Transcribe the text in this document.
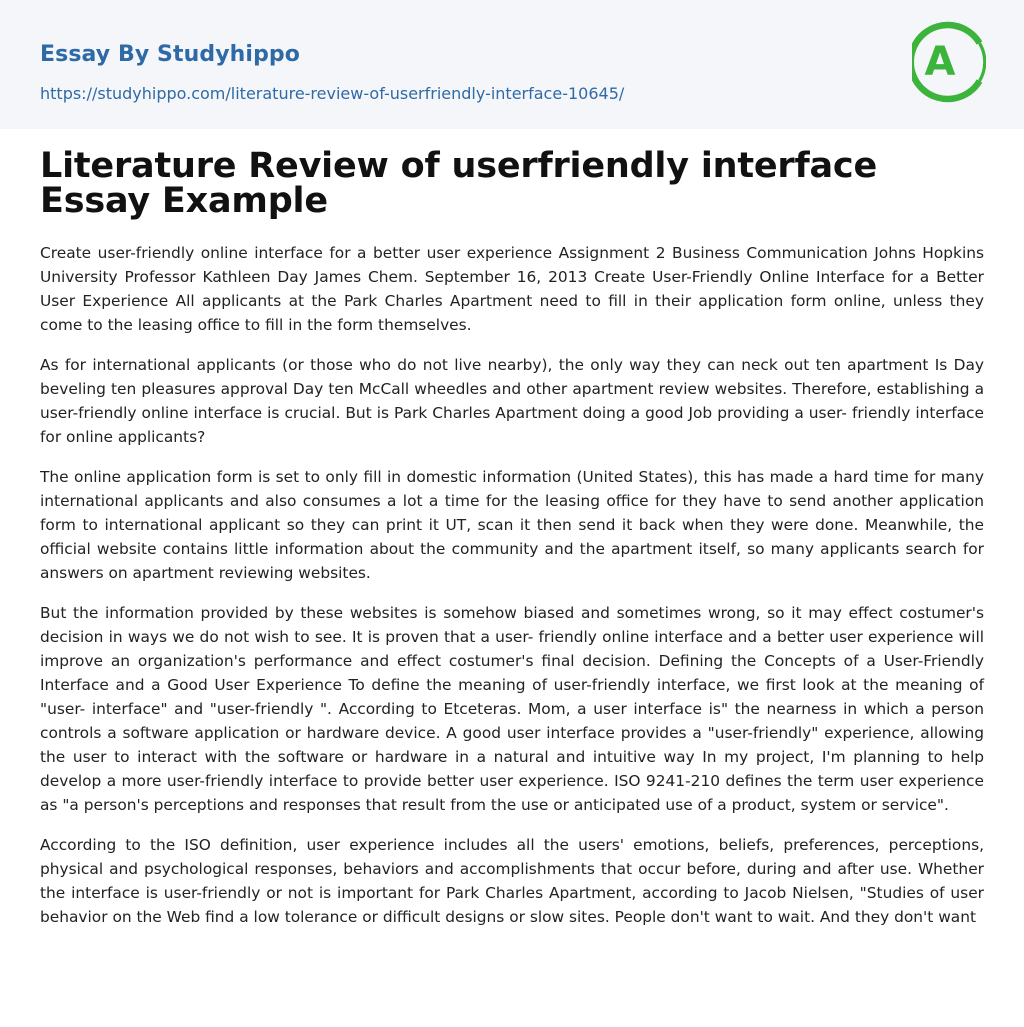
Essay By Studyhippo
https://studyhippo.com/literature-review-of-userfriendly-interface-10645/
A
Literature Review of userfriendly interface Essay Example

Create user-friendly online interface for a better user experience Assignment 2 Business Communication Johns Hopkins University Professor Kathleen Day James Chem. September 16, 2013 Create User-Friendly Online Interface for a Better User Experience All applicants at the Park Charles Apartment need to fill in their application form online, unless they come to the leasing office to fill in the form themselves.

As for international applicants (or those who do not live nearby), the only way they can neck out ten apartment Is Day beveling ten pleasures approval Day ten McCall wheedles and other apartment review websites. Therefore, establishing a user-friendly online interface is crucial. But is Park Charles Apartment doing a good Job providing a user- friendly interface for online applicants?

The online application form is set to only fill in domestic information (United States), this has made a hard time for many international applicants and also consumes a lot a time for the leasing office for they have to send another application form to international applicant so they can print it UT, scan it then send it back when they were done. Meanwhile, the official website contains little information about the community and the apartment itself, so many applicants search for answers on apartment reviewing websites.

But the information provided by these websites is somehow biased and sometimes wrong, so it may effect costumer's decision in ways we do not wish to see. It is proven that a user- friendly online interface and a better user experience will improve an organization's performance and effect costumer's final decision. Defining the Concepts of a User-Friendly Interface and a Good User Experience To define the meaning of user-friendly interface, we first look at the meaning of "user- interface" and "user-friendly ". According to Etceteras. Mom, a user interface is" the nearness in which a person controls a software application or hardware device. A good user interface provides a "user-friendly" experience, allowing the user to interact with the software or hardware in a natural and intuitive way In my project, I'm planning to help develop a more user-friendly interface to provide better user experience. ISO 9241-210 defines the term user experience as "a person's perceptions and responses that result from the use or anticipated use of a product, system or service".

According to the ISO definition, user experience includes all the users' emotions, beliefs, preferences, perceptions, physical and psychological responses, behaviors and accomplishments that occur before, during and after use. Whether the interface is user-friendly or not is important for Park Charles Apartment, according to Jacob Nielsen, "Studies of user behavior on the Web find a low tolerance or difficult designs or slow sites. People don't want to wait. And they don't want
